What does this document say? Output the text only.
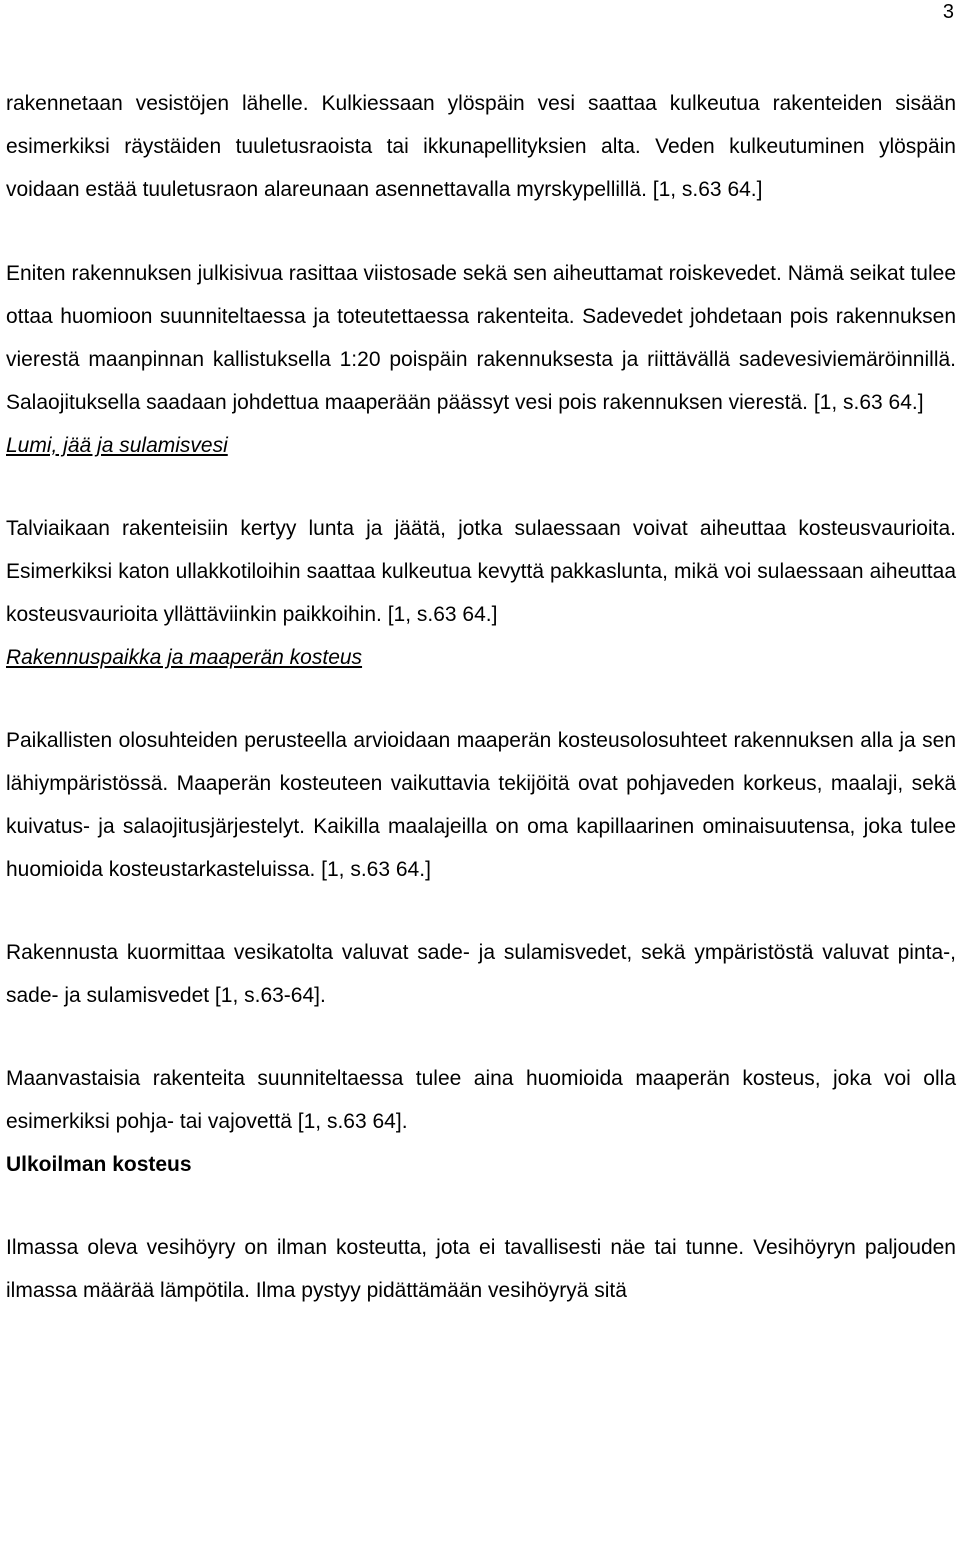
3

rakennetaan vesistöjen lähelle. Kulkiessaan ylöspäin vesi saattaa kulkeutua rakenteiden sisään esimerkiksi räystäiden tuuletusraoista tai ikkunapellityksien alta. Veden kulkeutuminen ylöspäin voidaan estää tuuletusraon alareunaan asennettavalla myrskypellillä. [1, s.63 64.]

Eniten rakennuksen julkisivua rasittaa viistosade sekä sen aiheuttamat roiskevedet. Nämä seikat tulee ottaa huomioon suunniteltaessa ja toteutettaessa rakenteita. Sadevedet johdetaan pois rakennuksen vierestä maanpinnan kallistuksella 1:20 poispäin rakennuksesta ja riittävällä sadevesiviemäröinnillä. Salaojituksella saadaan johdettua maaperään päässyt vesi pois rakennuksen vierestä. [1, s.63 64.]

Lumi, jää ja sulamisvesi

Talviaikaan rakenteisiin kertyy lunta ja jäätä, jotka sulaessaan voivat aiheuttaa kosteusvaurioita. Esimerkiksi katon ullakkotiloihin saattaa kulkeutua kevyttä pakkaslunta, mikä voi sulaessaan aiheuttaa kosteusvaurioita yllättäviinkin paikkoihin. [1, s.63 64.]

Rakennuspaikka ja maaperän kosteus

Paikallisten olosuhteiden perusteella arvioidaan maaperän kosteusolosuhteet rakennuksen alla ja sen lähiympäristössä. Maaperän kosteuteen vaikuttavia tekijöitä ovat pohjaveden korkeus, maalaji, sekä kuivatus- ja salaojitusjärjestelyt. Kaikilla maalajeilla on oma kapillaarinen ominaisuutensa, joka tulee huomioida kosteustarkasteluissa. [1, s.63 64.]

Rakennusta kuormittaa vesikatolta valuvat sade- ja sulamisvedet, sekä ympäristöstä valuvat pinta-, sade- ja sulamisvedet [1, s.63-64].

Maanvastaisia rakenteita suunniteltaessa tulee aina huomioida maaperän kosteus, joka voi olla esimerkiksi pohja- tai vajovettä [1, s.63 64].

Ulkoilman kosteus

Ilmassa oleva vesihöyry on ilman kosteutta, jota ei tavallisesti näe tai tunne. Vesihöyryn paljouden ilmassa määrää lämpötila. Ilma pystyy pidättämään vesihöyryä sitä
